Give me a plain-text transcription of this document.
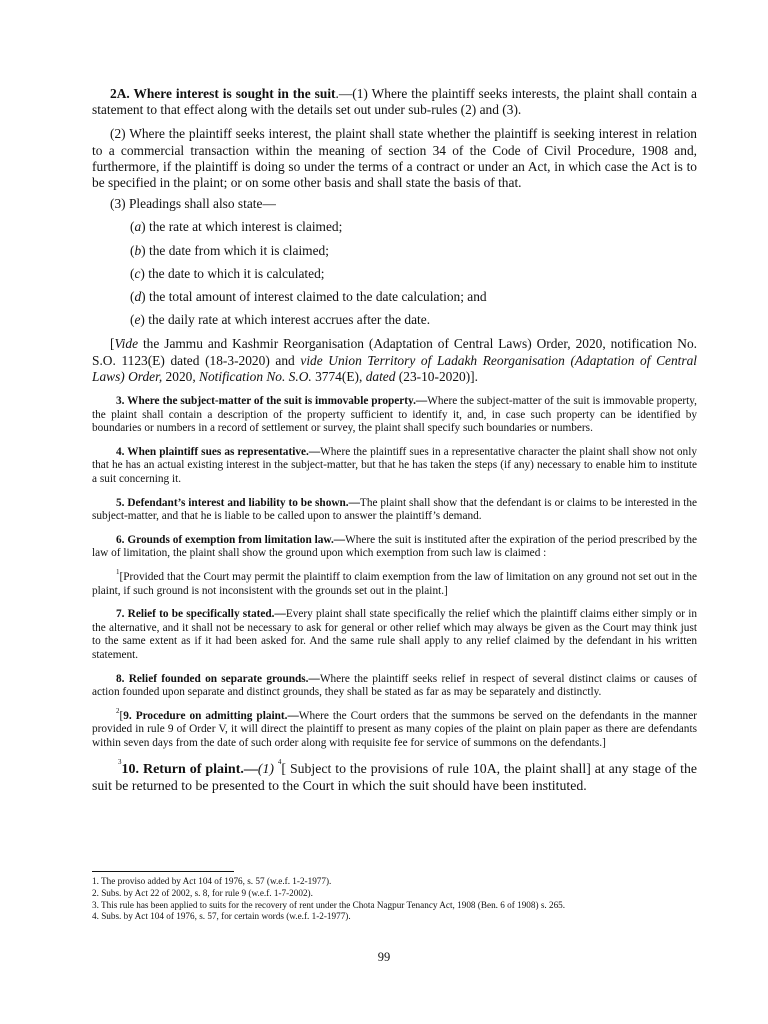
2A. Where interest is sought in the suit.—(1) Where the plaintiff seeks interests, the plaint shall contain a statement to that effect along with the details set out under sub-rules (2) and (3).

(2) Where the plaintiff seeks interest, the plaint shall state whether the plaintiff is seeking interest in relation to a commercial transaction within the meaning of section 34 of the Code of Civil Procedure, 1908 and, furthermore, if the plaintiff is doing so under the terms of a contract or under an Act, in which case the Act is to be specified in the plaint; or on some other basis and shall state the basis of that.

(3) Pleadings shall also state—

(a) the rate at which interest is claimed;

(b) the date from which it is claimed;

(c) the date to which it is calculated;

(d) the total amount of interest claimed to the date calculation; and

(e) the daily rate at which interest accrues after the date.

[Vide the Jammu and Kashmir Reorganisation (Adaptation of Central Laws) Order, 2020, notification No. S.O. 1123(E) dated (18-3-2020) and vide Union Territory of Ladakh Reorganisation (Adaptation of Central Laws) Order, 2020, Notification No. S.O. 3774(E), dated (23-10-2020)].

3. Where the subject-matter of the suit is immovable property.—Where the subject-matter of the suit is immovable property, the plaint shall contain a description of the property sufficient to identify it, and, in case such property can be identified by boundaries or numbers in a record of settlement or survey, the plaint shall specify such boundaries or numbers.

4. When plaintiff sues as representative.—Where the plaintiff sues in a representative character the plaint shall show not only that he has an actual existing interest in the subject-matter, but that he has taken the steps (if any) necessary to enable him to institute a suit concerning it.

5. Defendant’s interest and liability to be shown.—The plaint shall show that the defendant is or claims to be interested in the subject-matter, and that he is liable to be called upon to answer the plaintiff’s demand.

6. Grounds of exemption from limitation law.—Where the suit is instituted after the expiration of the period prescribed by the law of limitation, the plaint shall show the ground upon which exemption from such law is claimed :

$^1$[Provided that the Court may permit the plaintiff to claim exemption from the law of limitation on any ground not set out in the plaint, if such ground is not inconsistent with the grounds set out in the plaint.]

7. Relief to be specifically stated.—Every plaint shall state specifically the relief which the plaintiff claims either simply or in the alternative, and it shall not be necessary to ask for general or other relief which may always be given as the Court may think just to the same extent as if it had been asked for. And the same rule shall apply to any relief claimed by the defendant in his written statement.

8. Relief founded on separate grounds.—Where the plaintiff seeks relief in respect of several distinct claims or causes of action founded upon separate and distinct grounds, they shall be stated as far as may be separately and distinctly.

$^2$[9. Procedure on admitting plaint.—Where the Court orders that the summons be served on the defendants in the manner provided in rule 9 of Order V, it will direct the plaintiff to present as many copies of the plaint on plain paper as there are defendants within seven days from the date of such order along with requisite fee for service of summons on the defendants.]

$^3$10. Return of plaint.—(1) $^4$[ Subject to the provisions of rule 10A, the plaint shall] at any stage of the suit be returned to be presented to the Court in which the suit should have been instituted.

1. The proviso added by Act 104 of 1976, s. 57 (w.e.f. 1-2-1977).

2. Subs. by Act 22 of 2002, s. 8, for rule 9 (w.e.f. 1-7-2002).

3. This rule has been applied to suits for the recovery of rent under the Chota Nagpur Tenancy Act, 1908 (Ben. 6 of 1908) s. 265.

4. Subs. by Act 104 of 1976, s. 57, for certain words (w.e.f. 1-2-1977).

99
